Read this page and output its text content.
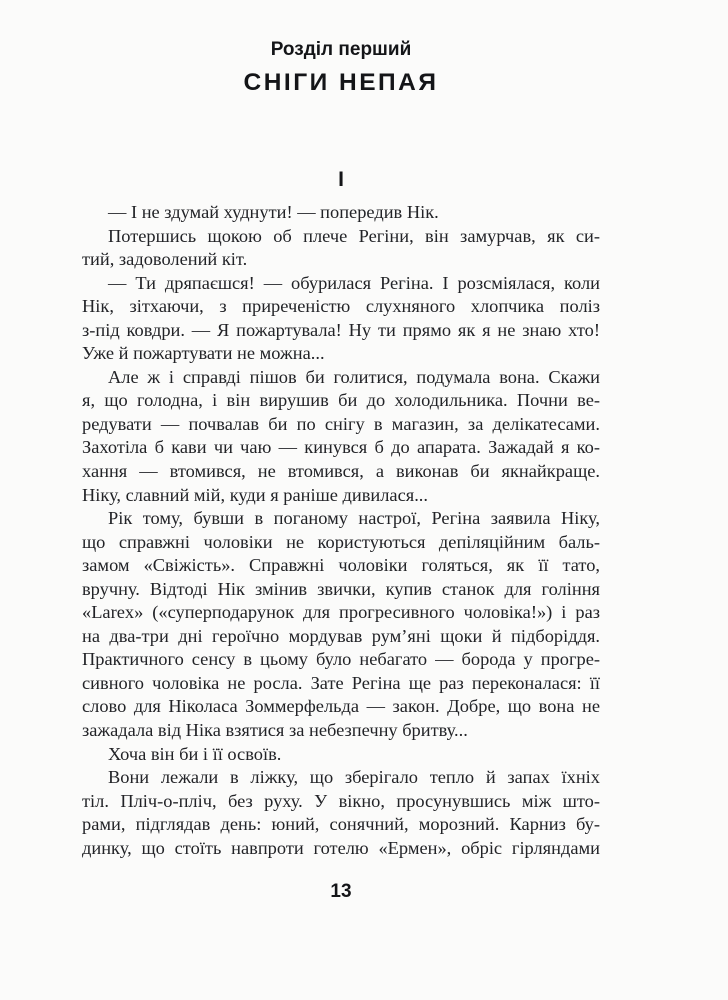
Розділ перший
СНІГИ НЕПАЯ
І
— І не здумай худнути! — попередив Нік.
Потершись щокою об плече Регіни, він замурчав, як си-
тий, задоволений кіт.
— Ти дряпаєшся! — обурилася Регіна. І розсміялася, коли
Нік, зітхаючи, з приреченістю слухняного хлопчика поліз
з-під ковдри. — Я пожартувала! Ну ти прямо як я не знаю хто!
Уже й пожартувати не можна...
Але ж і справді пішов би голитися, подумала вона. Скажи
я, що голодна, і він вирушив би до холодильника. Почни ве-
редувати — почвалав би по снігу в магазин, за делікатесами.
Захотіла б кави чи чаю — кинувся б до апарата. Зажадай я ко-
хання — втомився, не втомився, а виконав би якнайкраще.
Ніку, славний мій, куди я раніше дивилася...
Рік тому, бувши в поганому настрої, Регіна заявила Ніку,
що справжні чоловіки не користуються депіляційним баль-
замом «Свіжість». Справжні чоловіки голяться, як її тато,
вручну. Відтоді Нік змінив звички, купив станок для гоління
«Larex» («суперподарунок для прогресивного чоловіка!») і раз
на два-три дні героїчно мордував рум’яні щоки й підборіддя.
Практичного сенсу в цьому було небагато — борода у прогре-
сивного чоловіка не росла. Зате Регіна ще раз переконалася: її
слово для Ніколаса Зоммерфельда — закон. Добре, що вона не
зажадала від Ніка взятися за небезпечну бритву...
Хоча він би і її освоїв.
Вони лежали в ліжку, що зберігало тепло й запах їхніх
тіл. Пліч-о-пліч, без руху. У вікно, просунувшись між што-
рами, підглядав день: юний, сонячний, морозний. Карниз бу-
динку, що стоїть навпроти готелю «Ермен», обріс гірляндами
13
